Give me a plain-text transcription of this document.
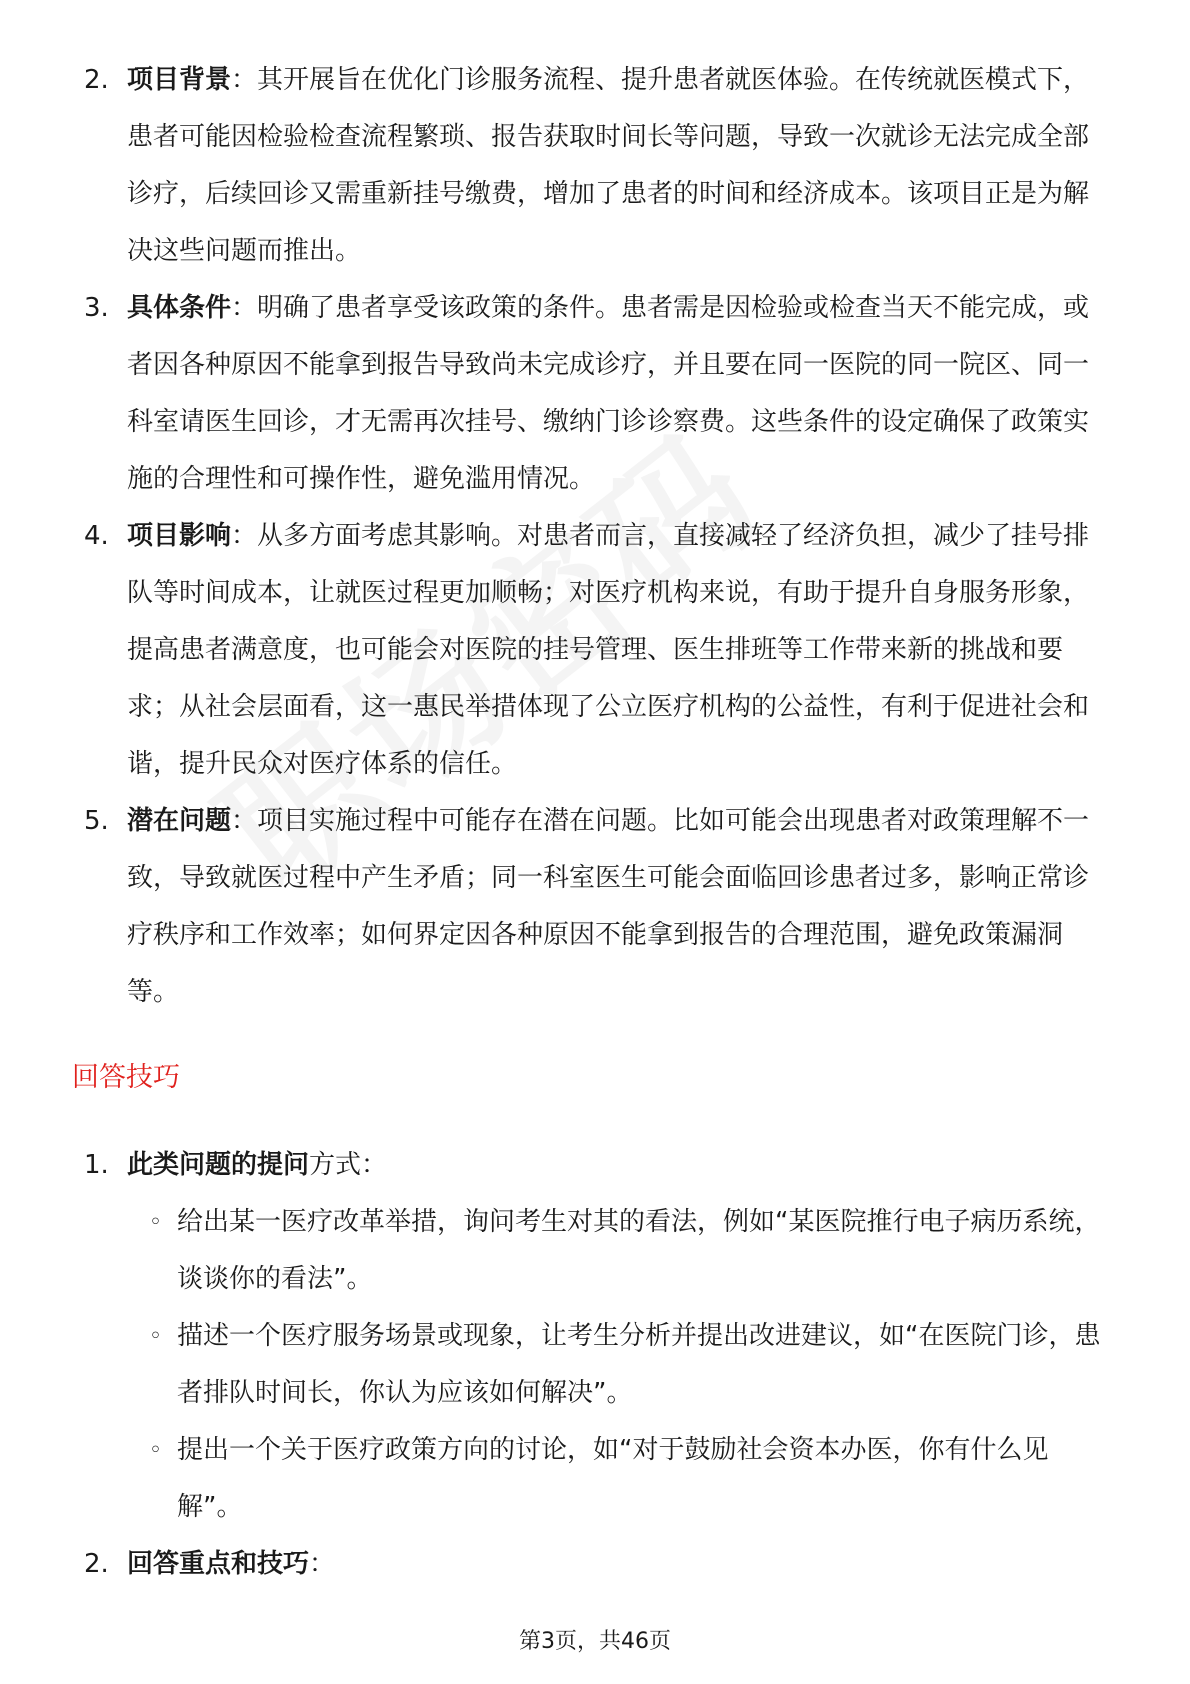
2. 项目背景：其开展旨在优化门诊服务流程、提升患者就医体验。在传统就医模式下，患者可能因检验检查流程繁琐、报告获取时间长等问题，导致一次就诊无法完成全部诊疗，后续回诊又需重新挂号缴费，增加了患者的时间和经济成本。该项目正是为解决这些问题而推出。
3. 具体条件：明确了患者享受该政策的条件。患者需是因检验或检查当天不能完成，或者因各种原因不能拿到报告导致尚未完成诊疗，并且要在同一医院的同一院区、同一科室请医生回诊，才无需再次挂号、缴纳门诊诊察费。这些条件的设定确保了政策实施的合理性和可操作性，避免滥用情况。
4. 项目影响：从多方面考虑其影响。对患者而言，直接减轻了经济负担，减少了挂号排队等时间成本，让就医过程更加顺畅；对医疗机构来说，有助于提升自身服务形象，提高患者满意度，也可能会对医院的挂号管理、医生排班等工作带来新的挑战和要求；从社会层面看，这一惠民举措体现了公立医疗机构的公益性，有利于促进社会和谐，提升民众对医疗体系的信任。
5. 潜在问题：项目实施过程中可能存在潜在问题。比如可能会出现患者对政策理解不一致，导致就医过程中产生矛盾；同一科室医生可能会面临回诊患者过多，影响正常诊疗秩序和工作效率；如何界定因各种原因不能拿到报告的合理范围，避免政策漏洞等。
回答技巧
1. 此类问题的提问方式：
◦ 给出某一医疗改革举措，询问考生对其的看法，例如“某医院推行电子病历系统，谈谈你的看法”。
◦ 描述一个医疗服务场景或现象，让考生分析并提出改进建议，如“在医院门诊，患者排队时间长，你认为应该如何解决”。
◦ 提出一个关于医疗政策方向的讨论，如“对于鼓励社会资本办医，你有什么见解”。
2. 回答重点和技巧：
第3页，共46页
